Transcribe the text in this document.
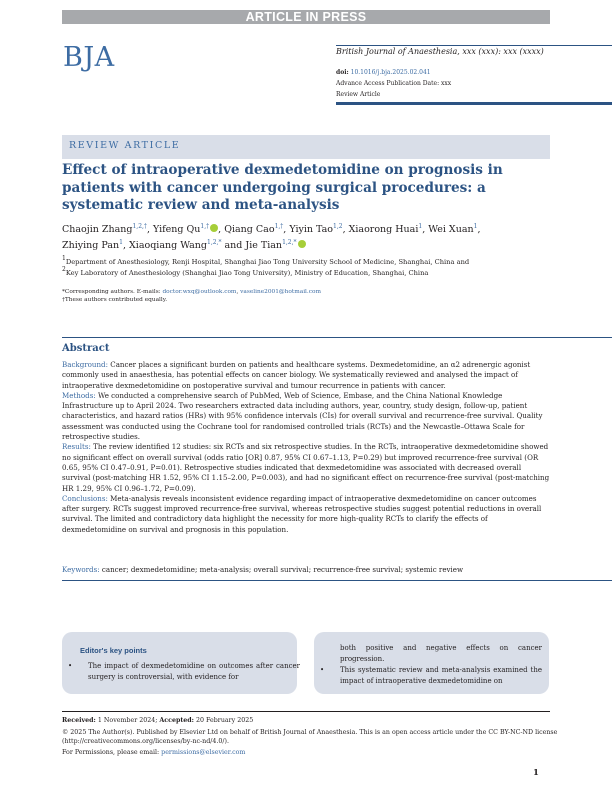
ARTICLE IN PRESS
BJA	British Journal of Anaesthesia, xxx (xxx): xxx (xxxx)
doi: 10.1016/j.bja.2025.02.041
Advance Access Publication Date: xxx
Review Article
REVIEW ARTICLE
Effect of intraoperative dexmedetomidine on prognosis in patients with cancer undergoing surgical procedures: a systematic review and meta-analysis
Chaojin Zhang$^{1,2,\dagger}$, Yifeng $Qu^{1,\dagger}$ , Qiang Cao$^{1,\dagger}$, Yiyin Tao$^{1,2}$, Xiaorong Huai$^1$, Wei Xuan$^1$,
Zhiying Pan$^1$, Xiaoqiang Wang$^{1,2,*}$ and Jie Tian$^{1,2,*}$
$^1$Department of Anesthesiology, Renji Hospital, Shanghai Jiao Tong University School of Medicine, Shanghai, China and
$^2$Key Laboratory of Anesthesiology (Shanghai Jiao Tong University), Ministry of Education, Shanghai, China
*Corresponding authors. E-mails: doctor.wxq@outlook.com, vaseline2001@hotmail.com
†These authors contributed equally.
Abstract

Background: Cancer places a significant burden on patients and healthcare systems. Dexmedetomidine, an α2 adrenergic agonist commonly used in anaesthesia, has potential effects on cancer biology. We systematically reviewed and analysed the impact of intraoperative dexmedetomidine on postoperative survival and tumour recurrence in patients with cancer.

Methods: We conducted a comprehensive search of PubMed, Web of Science, Embase, and the China National Knowledge Infrastructure up to April 2024. Two researchers extracted data including authors, year, country, study design, follow-up, patient characteristics, and hazard ratios (HRs) with 95% confidence intervals (CIs) for overall survival and recurrence-free survival. Quality assessment was conducted using the Cochrane tool for randomised controlled trials (RCTs) and the Newcastle–Ottawa Scale for retrospective studies.

Results: The review identified 12 studies: six RCTs and six retrospective studies. In the RCTs, intraoperative dexmedetomidine showed no significant effect on overall survival (odds ratio [OR] 0.87, 95% CI 0.67–1.13, P=0.29) but improved recurrence-free survival (OR 0.65, 95% CI 0.47–0.91, P=0.01). Retrospective studies indicated that dexmedetomidine was associated with decreased overall survival (post-matching HR 1.52, 95% CI 1.15–2.00, P=0.003), and had no significant effect on recurrence-free survival (post-matching HR 1.29, 95% CI 0.96–1.72, P=0.09).

Conclusions: Meta-analysis reveals inconsistent evidence regarding impact of intraoperative dexmedetomidine on cancer outcomes after surgery. RCTs suggest improved recurrence-free survival, whereas retrospective studies suggest potential reductions in overall survival. The limited and contradictory data highlight the necessity for more high-quality RCTs to clarify the effects of dexmedetomidine on survival and prognosis in this population.

Keywords: cancer; dexmedetomidine; meta-analysis; overall survival; recurrence-free survival; systemic review
Editor's key points
• The impact of dexmedetomidine on outcomes after cancer surgery is controversial, with evidence for
both positive and negative effects on cancer progression.
• This systematic review and meta-analysis examined the impact of intraoperative dexmedetomidine on
Received: 1 November 2024; Accepted: 20 February 2025
© 2025 The Author(s). Published by Elsevier Ltd on behalf of British Journal of Anaesthesia. This is an open access article under the CC BY-NC-ND license
(http://creativecommons.org/licenses/by-nc-nd/4.0/).
For Permissions, please email: permissions@elsevier.com
1
